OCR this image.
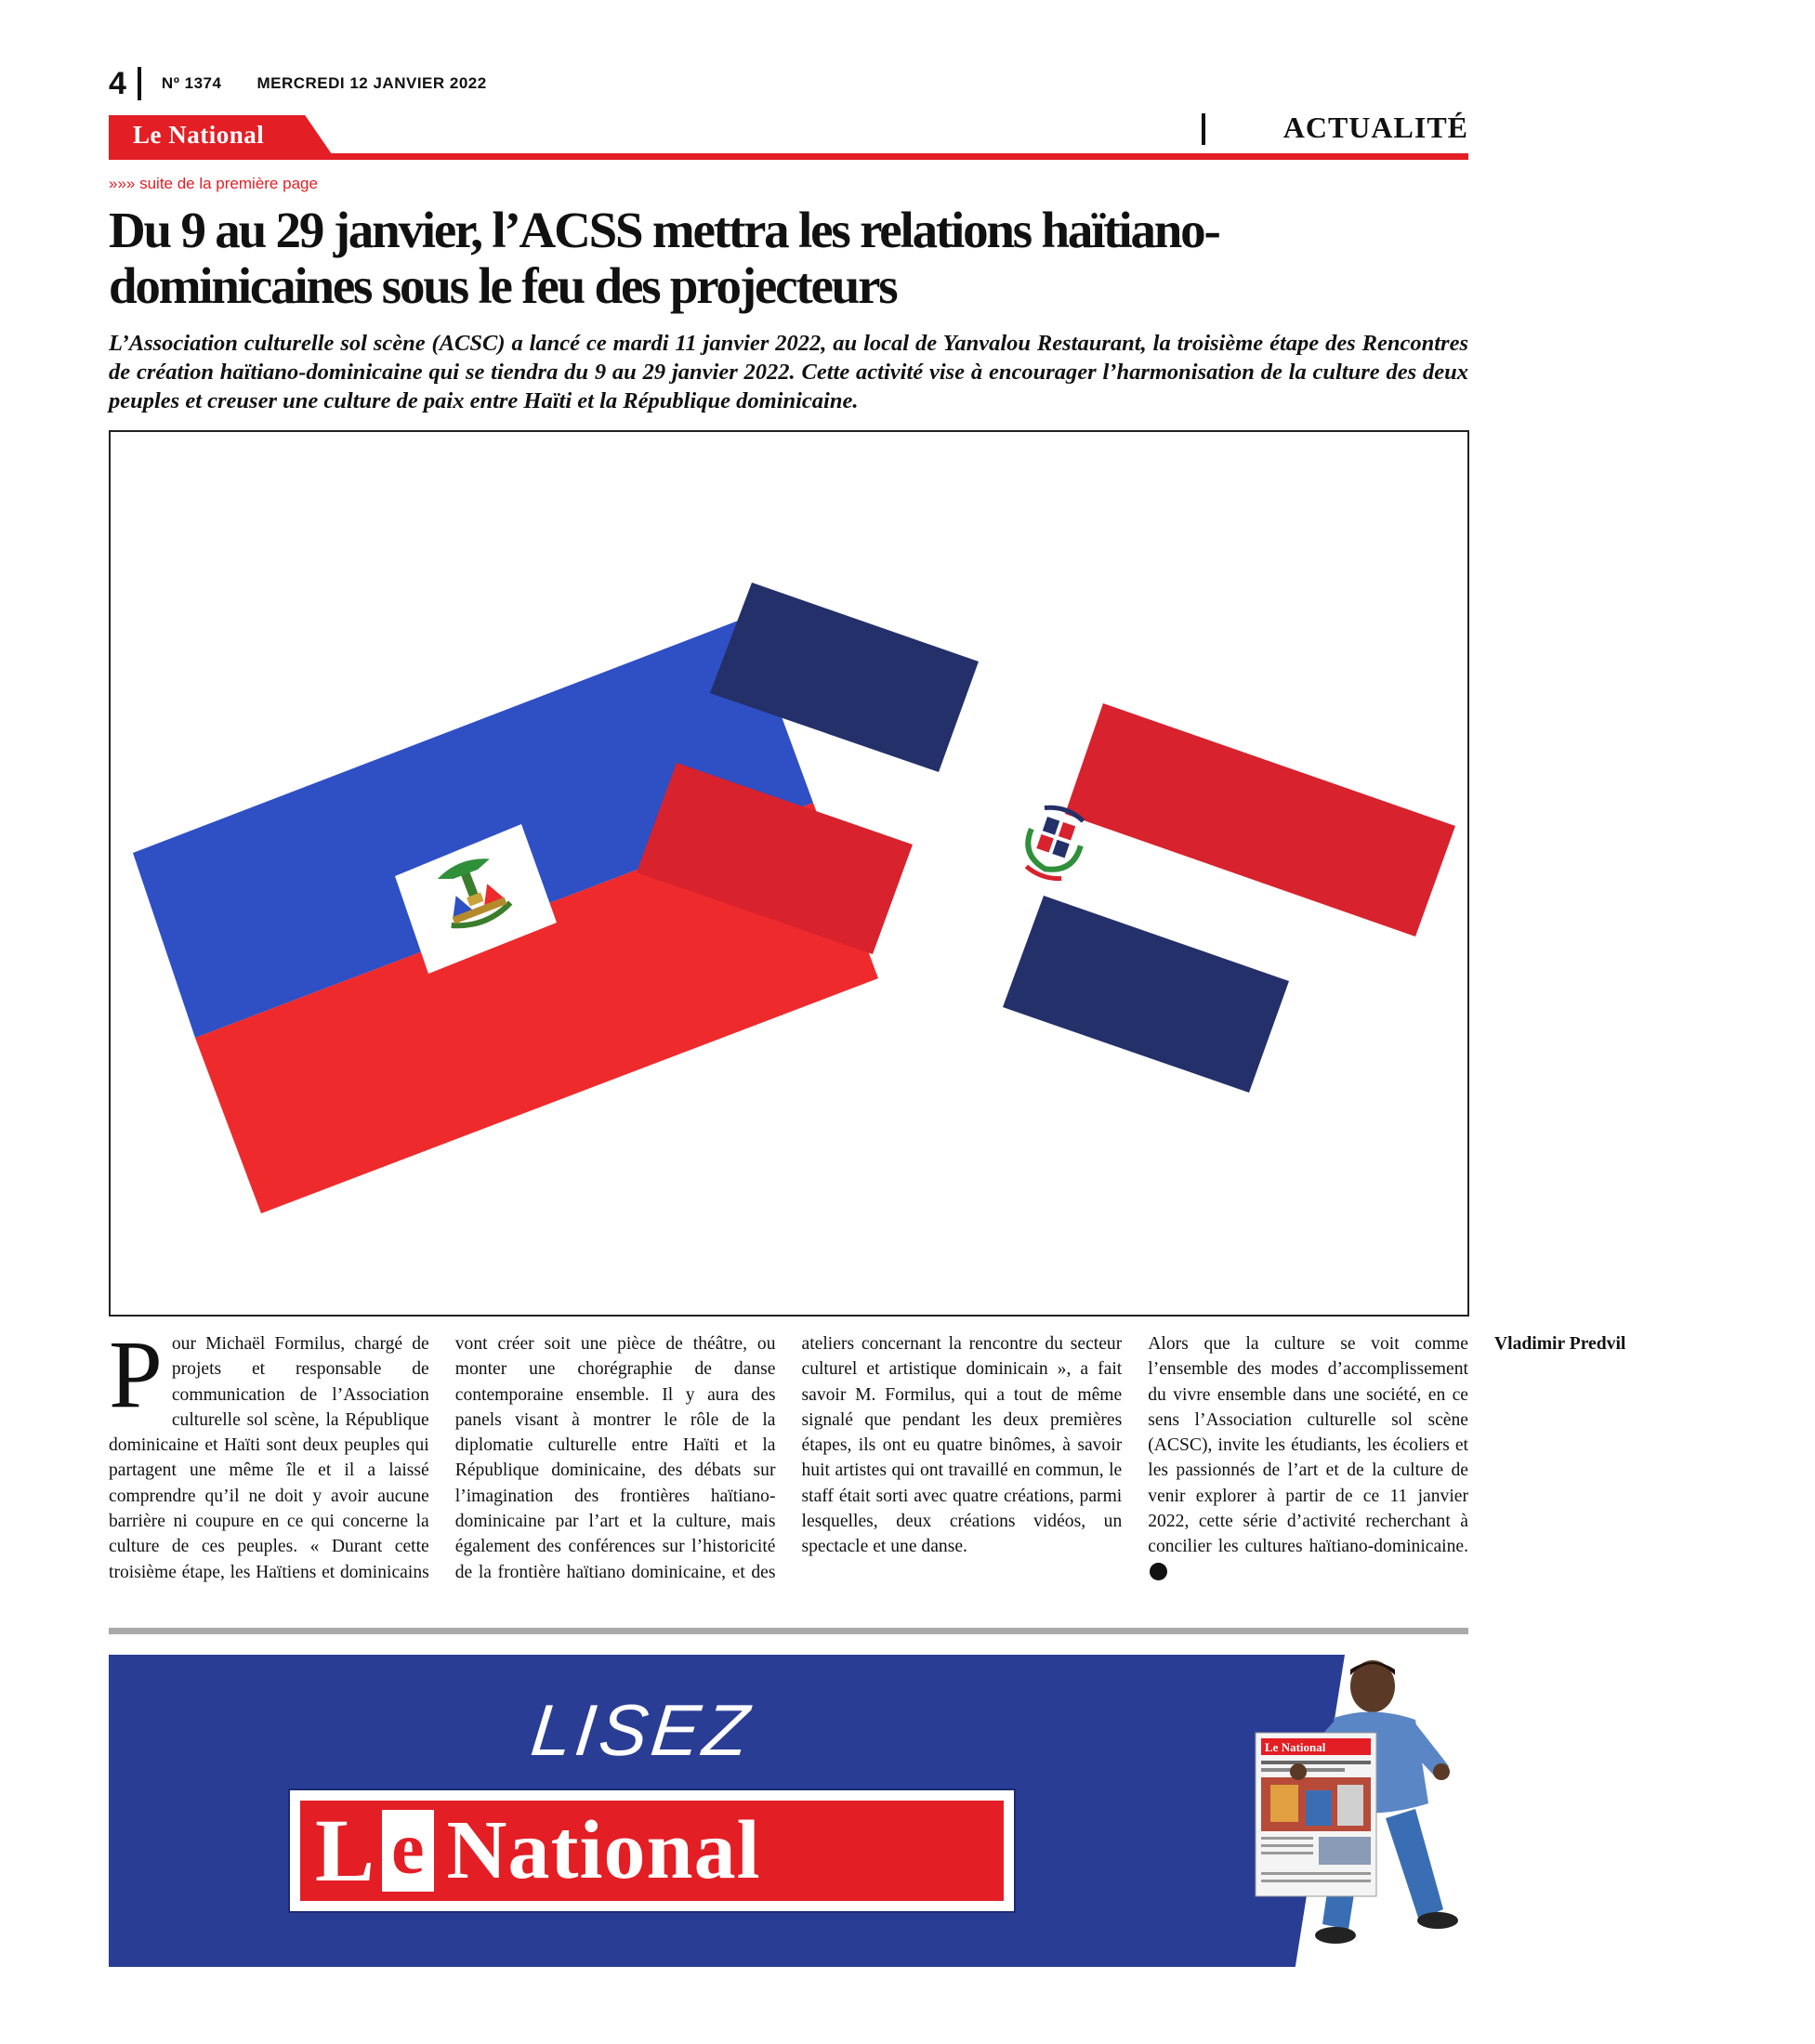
4 Nº 1374 MERCREDI 12 JANVIER 2022
Le National	ACTUALITÉ
»»» suite de la première page
Du 9 au 29 janvier, l’ACSS mettra les relations haïtiano-dominicaines sous le feu des projecteurs

L’Association culturelle sol scène (ACSC) a lancé ce mardi 11 janvier 2022, au local de Yanvalou Restaurant, la troisième étape des Rencontres de création haïtiano-dominicaine qui se tiendra du 9 au 29 janvier 2022. Cette activité vise à encourager l’harmonisation de la culture des deux peuples et creuser une culture de paix entre Haïti et la République dominicaine.

Pour Michaël Formilus, chargé de projets et responsable de communication de l’Association culturelle sol scène, la République dominicaine et Haïti sont deux peuples qui partagent une même île et il a laissé comprendre qu’il ne doit y avoir aucune barrière ni coupure en ce qui concerne la culture de ces peuples. « Durant cette troisième étape, les Haïtiens et dominicains vont créer soit une pièce de théâtre, ou monter une chorégraphie de danse contemporaine ensemble. Il y aura des panels visant à montrer le rôle de la diplomatie culturelle entre Haïti et la République dominicaine, des débats sur l’imagination des frontières haïtiano-dominicaine par l’art et la culture, mais également des conférences sur l’historicité de la frontière haïtiano dominicaine, et des ateliers concernant la rencontre du secteur culturel et artistique dominicain », a fait savoir M. Formilus, qui a tout de même signalé que pendant les deux premières étapes, ils ont eu quatre binômes, à savoir huit artistes qui ont travaillé en commun, le staff était sorti avec quatre créations, parmi lesquelles, deux créations vidéos, un spectacle et une danse.

Alors que la culture se voit comme l’ensemble des modes d’accomplissement du vivre ensemble dans une société, en ce sens l’Association culturelle sol scène (ACSC), invite les étudiants, les écoliers et les passionnés de l’art et de la culture de venir explorer à partir de ce 11 janvier 2022, cette série d’activité recherchant à concilier les cultures haïtiano-dominicaine.

Vladimir Predvil

LISEZ
L e National
Le National
